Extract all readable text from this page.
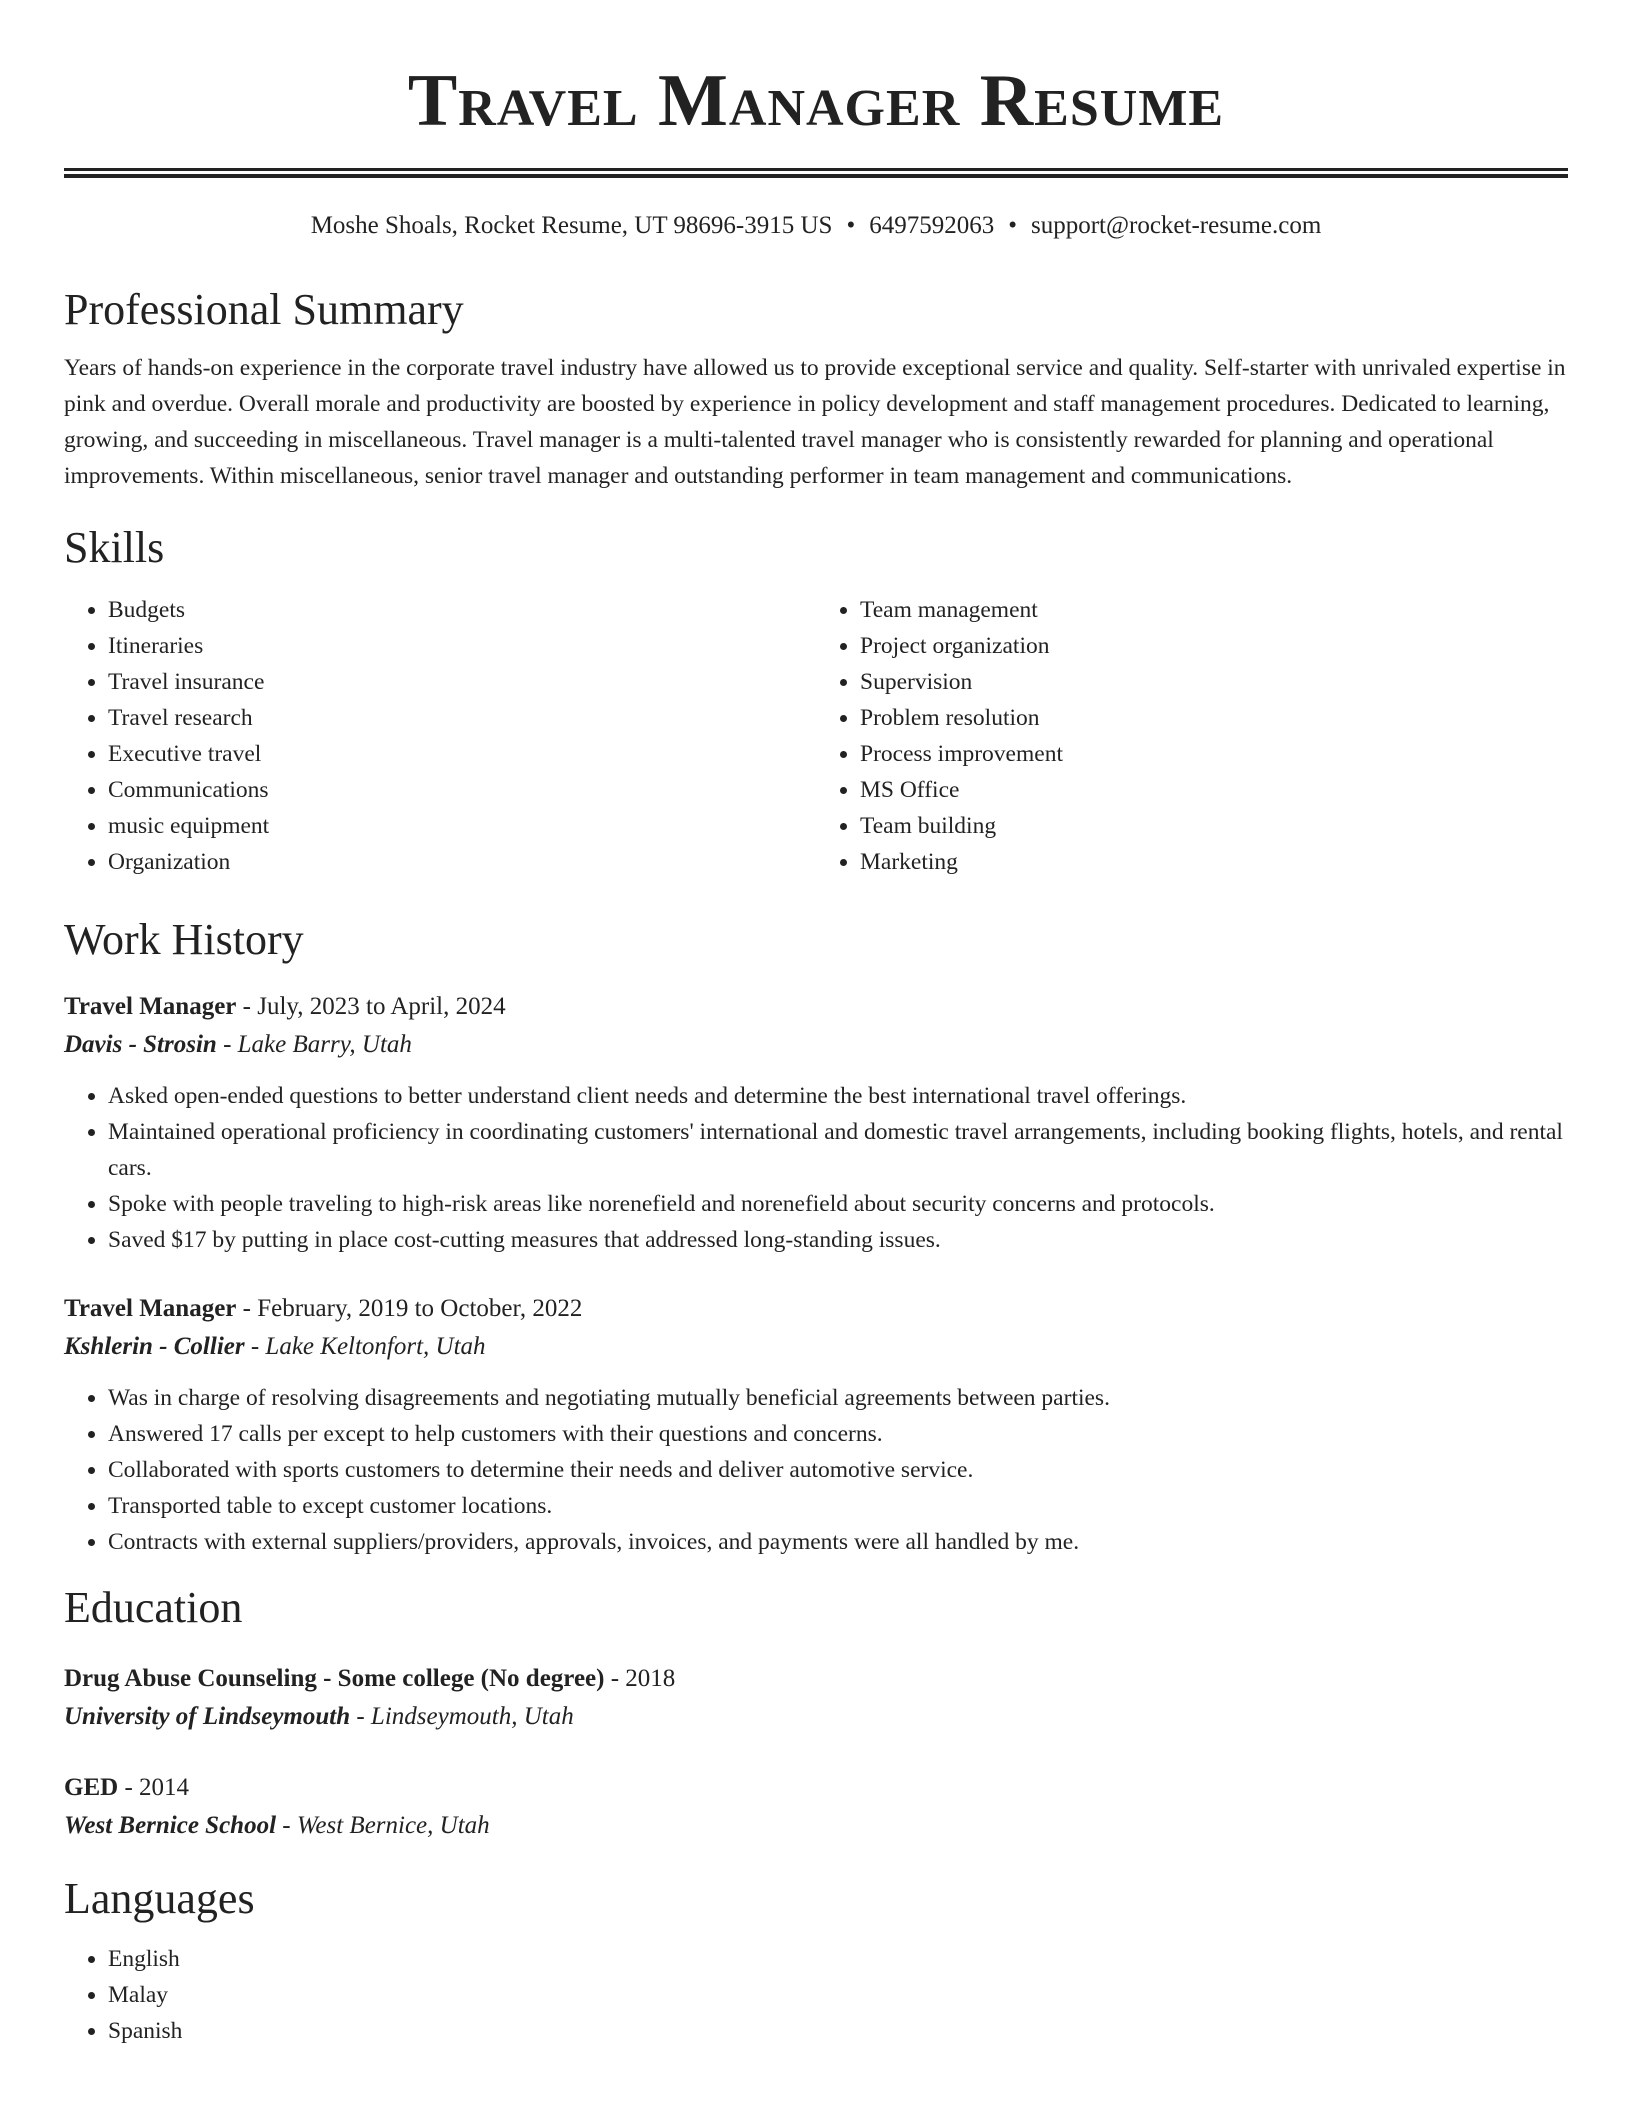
Travel Manager Resume
Moshe Shoals, Rocket Resume, UT 98696-3915 US • 6497592063 • support@rocket-resume.com
Professional Summary

Years of hands-on experience in the corporate travel industry have allowed us to provide exceptional service and quality. Self-starter with unrivaled expertise in pink and overdue. Overall morale and productivity are boosted by experience in policy development and staff management procedures. Dedicated to learning, growing, and succeeding in miscellaneous. Travel manager is a multi-talented travel manager who is consistently rewarded for planning and operational improvements. Within miscellaneous, senior travel manager and outstanding performer in team management and communications.

Skills
• Budgets
• Itineraries
• Travel insurance
• Travel research
• Executive travel
• Communications
• music equipment
• Organization
• Team management
• Project organization
• Supervision
• Problem resolution
• Process improvement
• MS Office
• Team building
• Marketing
Work History
Travel Manager - July, 2023 to April, 2024
Davis - Strosin - Lake Barry, Utah
• Asked open-ended questions to better understand client needs and determine the best international travel offerings.
• Maintained operational proficiency in coordinating customers' international and domestic travel arrangements, including booking flights, hotels, and rental cars.
• Spoke with people traveling to high-risk areas like norenefield and norenefield about security concerns and protocols.
• Saved $17 by putting in place cost-cutting measures that addressed long-standing issues.
Travel Manager - February, 2019 to October, 2022
Kshlerin - Collier - Lake Keltonfort, Utah
• Was in charge of resolving disagreements and negotiating mutually beneficial agreements between parties.
• Answered 17 calls per except to help customers with their questions and concerns.
• Collaborated with sports customers to determine their needs and deliver automotive service.
• Transported table to except customer locations.
• Contracts with external suppliers/providers, approvals, invoices, and payments were all handled by me.
Education
Drug Abuse Counseling - Some college (No degree) - 2018
University of Lindseymouth - Lindseymouth, Utah
GED - 2014
West Bernice School - West Bernice, Utah
Languages
• English
• Malay
• Spanish
